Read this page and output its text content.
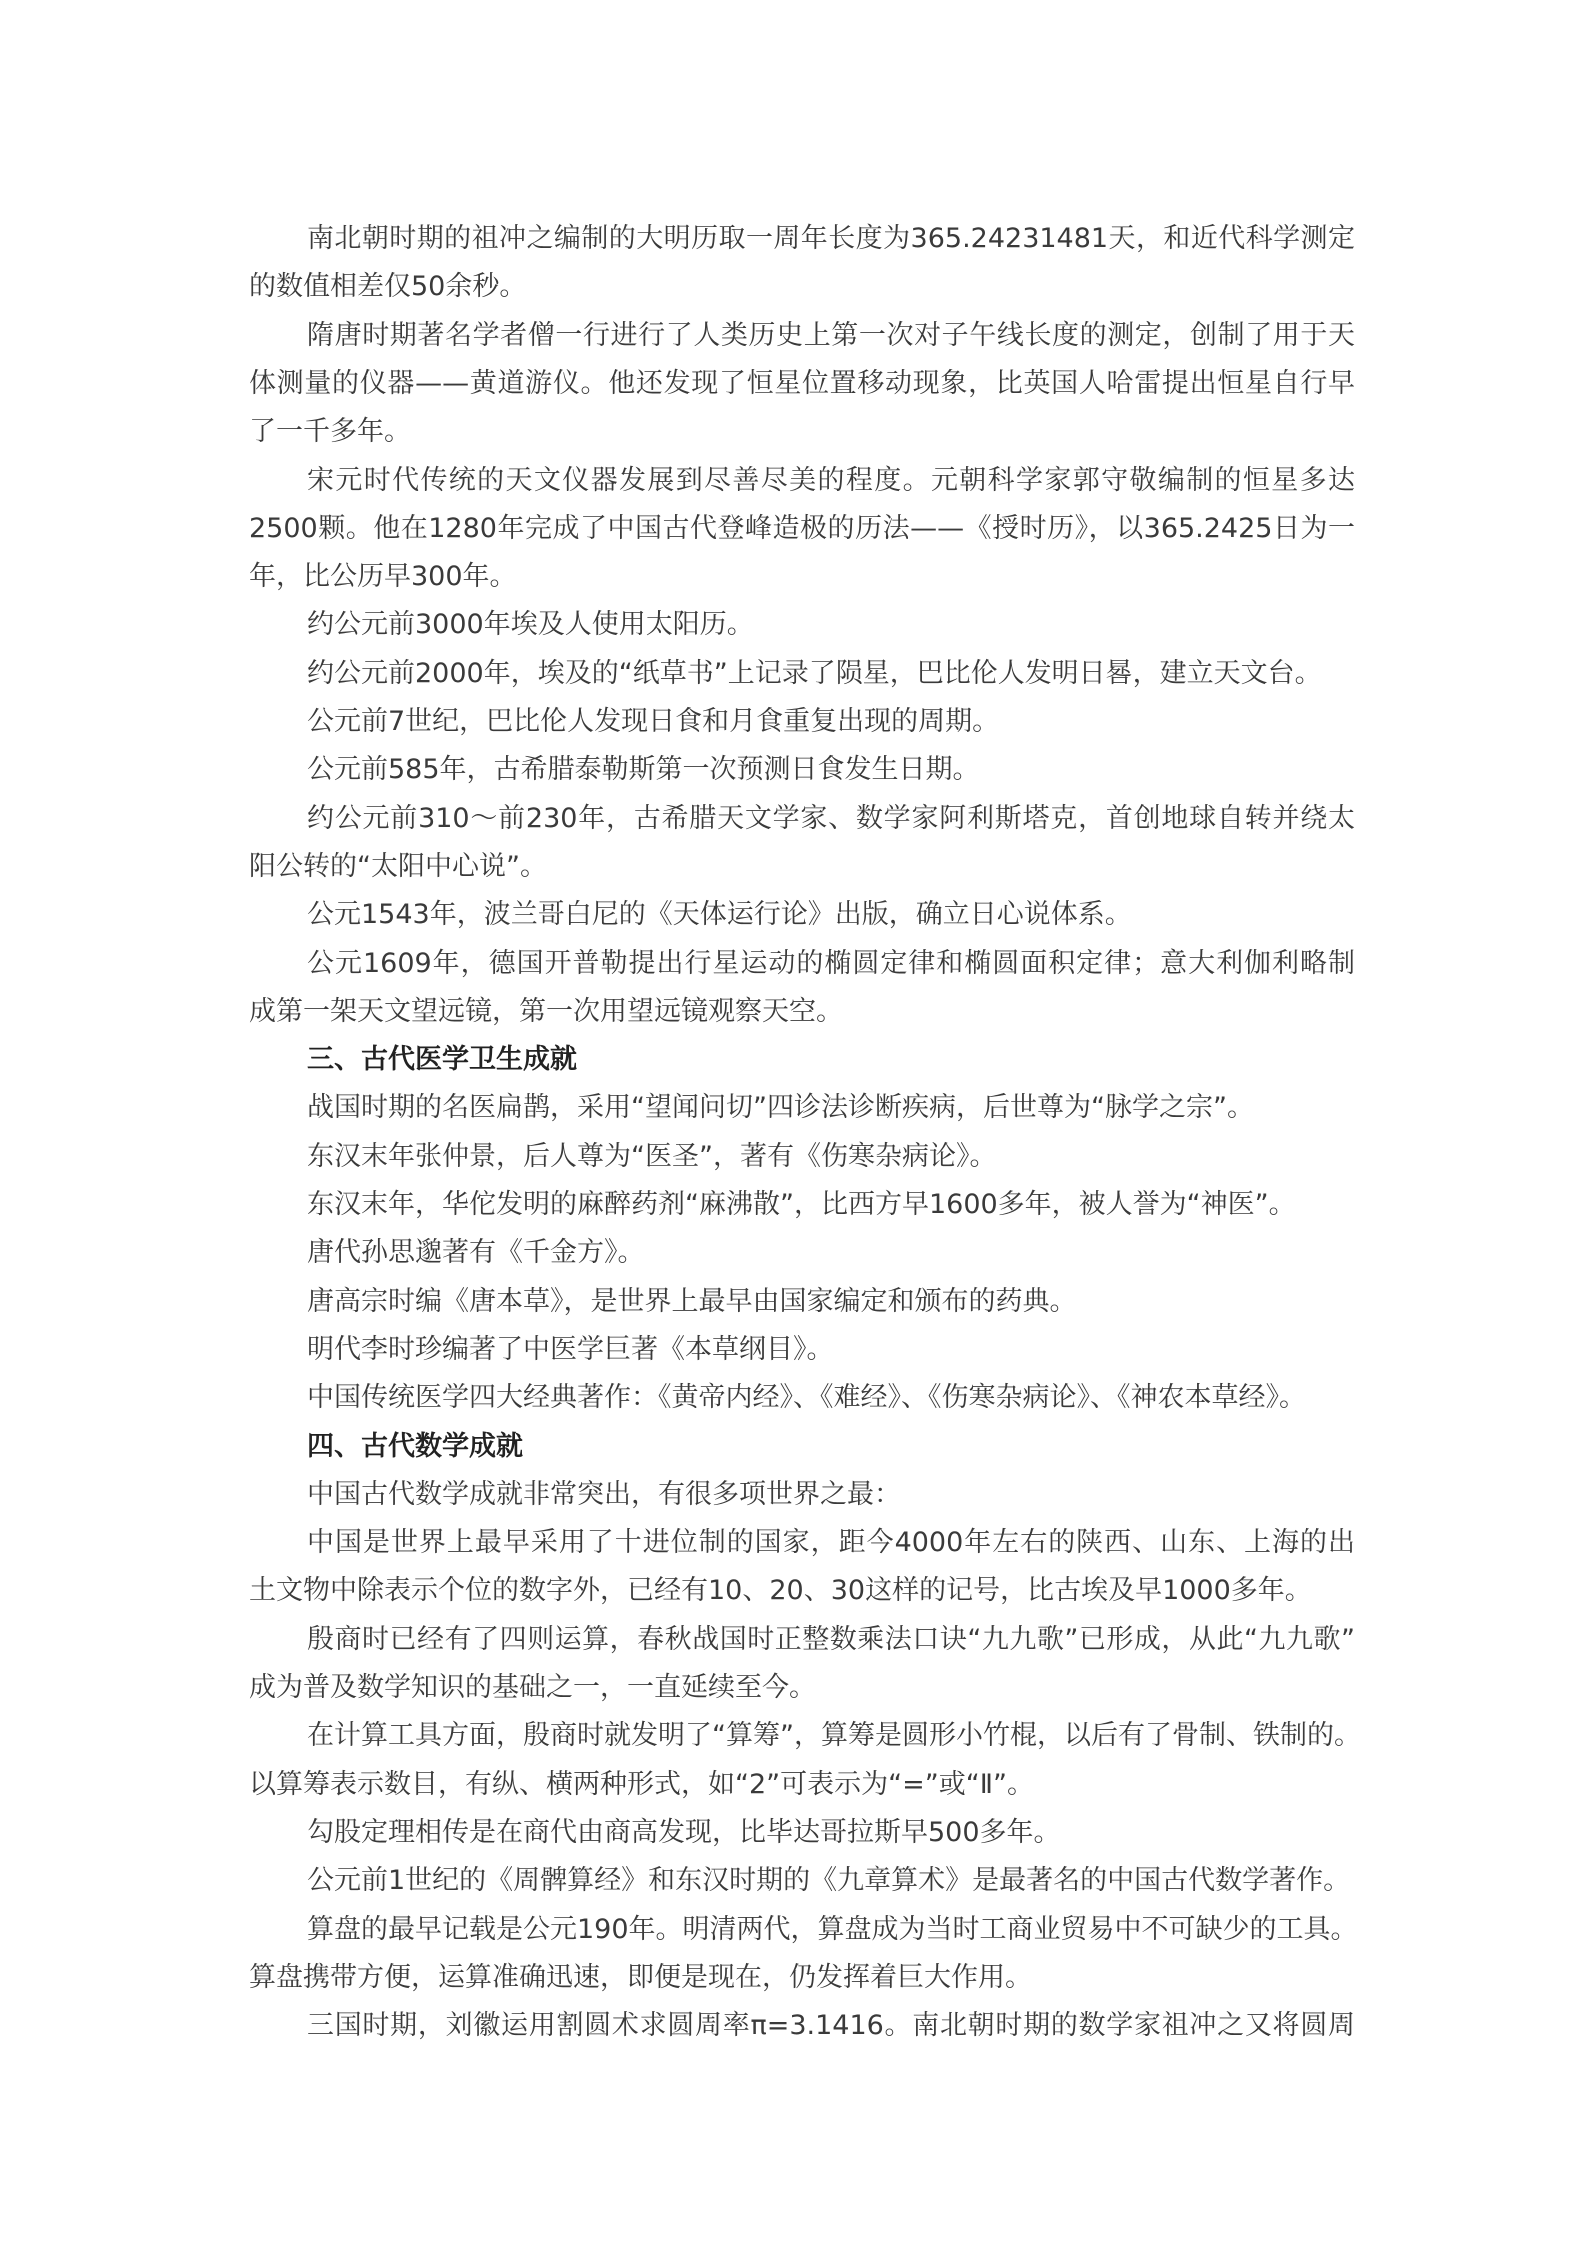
南北朝时期的祖冲之编制的大明历取一周年长度为365.24231481天，和近代科学测定
的数值相差仅50余秒。
隋唐时期著名学者僧一行进行了人类历史上第一次对子午线长度的测定，创制了用于天
体测量的仪器——黄道游仪。他还发现了恒星位置移动现象，比英国人哈雷提出恒星自行早
了一千多年。
宋元时代传统的天文仪器发展到尽善尽美的程度。元朝科学家郭守敬编制的恒星多达
2500颗。他在1280年完成了中国古代登峰造极的历法——《授时历》，以365.2425日为一
年，比公历早300年。
约公元前3000年埃及人使用太阳历。
约公元前2000年，埃及的“纸草书”上记录了陨星，巴比伦人发明日晷，建立天文台。
公元前7世纪，巴比伦人发现日食和月食重复出现的周期。
公元前585年，古希腊泰勒斯第一次预测日食发生日期。
约公元前310～前230年，古希腊天文学家、数学家阿利斯塔克，首创地球自转并绕太
阳公转的“太阳中心说”。
公元1543年，波兰哥白尼的《天体运行论》出版，确立日心说体系。
公元1609年，德国开普勒提出行星运动的椭圆定律和椭圆面积定律；意大利伽利略制
成第一架天文望远镜，第一次用望远镜观察天空。
三、古代医学卫生成就
战国时期的名医扁鹊，采用“望闻问切”四诊法诊断疾病，后世尊为“脉学之宗”。
东汉末年张仲景，后人尊为“医圣”，著有《伤寒杂病论》。
东汉末年，华佗发明的麻醉药剂“麻沸散”，比西方早1600多年，被人誉为“神医”。
唐代孙思邈著有《千金方》。
唐高宗时编《唐本草》，是世界上最早由国家编定和颁布的药典。
明代李时珍编著了中医学巨著《本草纲目》。
中国传统医学四大经典著作：《黄帝内经》、《难经》、《伤寒杂病论》、《神农本草经》。
四、古代数学成就
中国古代数学成就非常突出，有很多项世界之最：
中国是世界上最早采用了十进位制的国家，距今4000年左右的陕西、山东、上海的出
土文物中除表示个位的数字外，已经有10、20、30这样的记号，比古埃及早1000多年。
殷商时已经有了四则运算，春秋战国时正整数乘法口诀“九九歌”已形成，从此“九九歌”
成为普及数学知识的基础之一，一直延续至今。
在计算工具方面，殷商时就发明了“算筹”，算筹是圆形小竹棍，以后有了骨制、铁制的。
以算筹表示数目，有纵、横两种形式，如“2”可表示为“=”或“Ⅱ”。
勾股定理相传是在商代由商高发现，比毕达哥拉斯早500多年。
公元前1世纪的《周髀算经》和东汉时期的《九章算术》是最著名的中国古代数学著作。
算盘的最早记载是公元190年。明清两代，算盘成为当时工商业贸易中不可缺少的工具。
算盘携带方便，运算准确迅速，即便是现在，仍发挥着巨大作用。
三国时期，刘徽运用割圆术求圆周率π=3.1416。南北朝时期的数学家祖冲之又将圆周
